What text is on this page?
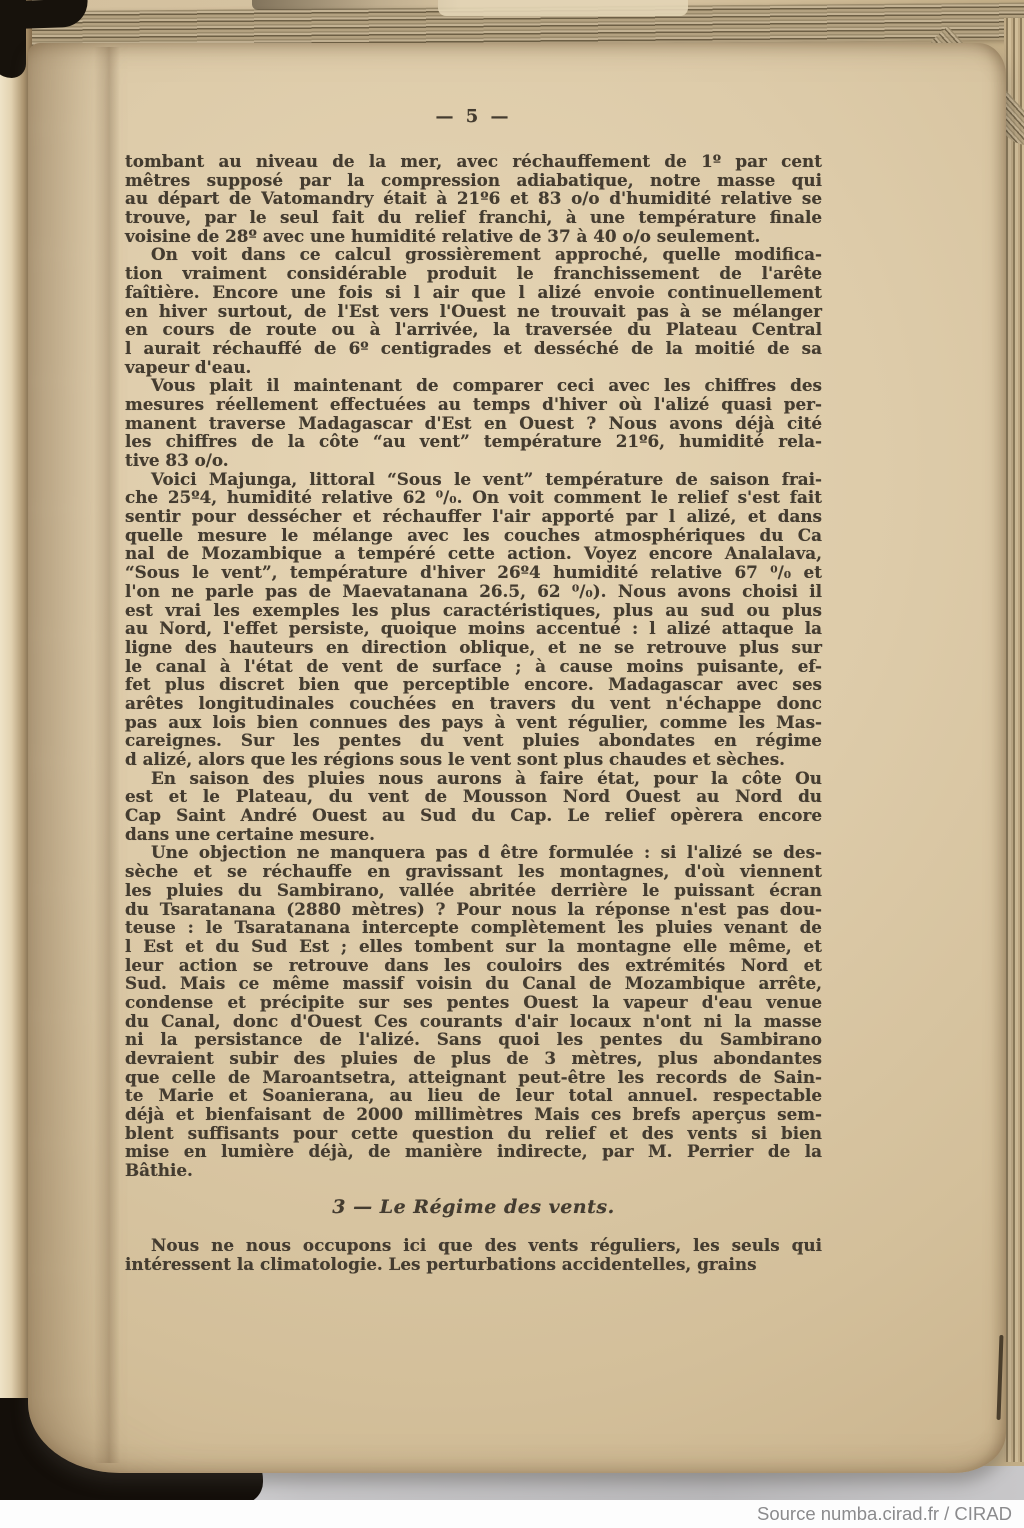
— 5 —
tombant au niveau de la mer, avec réchauffement de 1º par cent
mêtres supposé par la compression adiabatique, notre masse qui
au départ de Vatomandry était à 21º6 et 83 o/o d'humidité relative se
trouve, par le seul fait du relief franchi, à une température finale
voisine de 28º avec une humidité relative de 37 à 40 o/o seulement.
On voit dans ce calcul grossièrement approché, quelle modifica-
tion vraiment considérable produit le franchissement de l'arête
faîtière. Encore une fois si l air que l alizé envoie continuellement
en hiver surtout, de l'Est vers l'Ouest ne trouvait pas à se mélanger
en cours de route ou à l'arrivée, la traversée du Plateau Central
l aurait réchauffé de 6º centigrades et desséché de la moitié de sa
vapeur d'eau.
Vous plait il maintenant de comparer ceci avec les chiffres des
mesures réellement effectuées au temps d'hiver où l'alizé quasi per-
manent traverse Madagascar d'Est en Ouest ? Nous avons déjà cité
les chiffres de la côte “au vent” température 21º6, humidité rela-
tive 83 o/o.
Voici Majunga, littoral “Sous le vent” température de saison frai-
che 25º4, humidité relative 62 ⁰/₀. On voit comment le relief s'est fait
sentir pour dessécher et réchauffer l'air apporté par l alizé, et dans
quelle mesure le mélange avec les couches atmosphériques du Ca
nal de Mozambique a tempéré cette action. Voyez encore Analalava,
“Sous le vent”, température d'hiver 26º4 humidité relative 67 ⁰/₀ et
l'on ne parle pas de Maevatanana 26.5, 62 ⁰/₀). Nous avons choisi il
est vrai les exemples les plus caractéristiques, plus au sud ou plus
au Nord, l'effet persiste, quoique moins accentué : l alizé attaque la
ligne des hauteurs en direction oblique, et ne se retrouve plus sur
le canal à l'état de vent de surface ; à cause moins puisante, ef-
fet plus discret bien que perceptible encore. Madagascar avec ses
arêtes longitudinales couchées en travers du vent n'échappe donc
pas aux lois bien connues des pays à vent régulier, comme les Mas-
careignes. Sur les pentes du vent pluies abondates en régime
d alizé, alors que les régions sous le vent sont plus chaudes et sèches.
En saison des pluies nous aurons à faire état, pour la côte Ou
est et le Plateau, du vent de Mousson Nord Ouest au Nord du
Cap Saint André Ouest au Sud du Cap. Le relief opèrera encore
dans une certaine mesure.
Une objection ne manquera pas d être formulée : si l'alizé se des-
sèche et se réchauffe en gravissant les montagnes, d'où viennent
les pluies du Sambirano, vallée abritée derrière le puissant écran
du Tsaratanana (2880 mètres) ? Pour nous la réponse n'est pas dou-
teuse : le Tsaratanana intercepte complètement les pluies venant de
l Est et du Sud Est ; elles tombent sur la montagne elle même, et
leur action se retrouve dans les couloirs des extrémités Nord et
Sud. Mais ce même massif voisin du Canal de Mozambique arrête,
condense et précipite sur ses pentes Ouest la vapeur d'eau venue
du Canal, donc d'Ouest Ces courants d'air locaux n'ont ni la masse
ni la persistance de l'alizé. Sans quoi les pentes du Sambirano
devraient subir des pluies de plus de 3 mètres, plus abondantes
que celle de Maroantsetra, atteignant peut-être les records de Sain-
te Marie et Soanierana, au lieu de leur total annuel. respectable
déjà et bienfaisant de 2000 millimètres Mais ces brefs aperçus sem-
blent suffisants pour cette question du relief et des vents si bien
mise en lumière déjà, de manière indirecte, par M. Perrier de la
Bâthie.
3 — Le Régime des vents.
Nous ne nous occupons ici que des vents réguliers, les seuls qui
intéressent la climatologie. Les perturbations accidentelles, grains
Source numba.cirad.fr / CIRAD
